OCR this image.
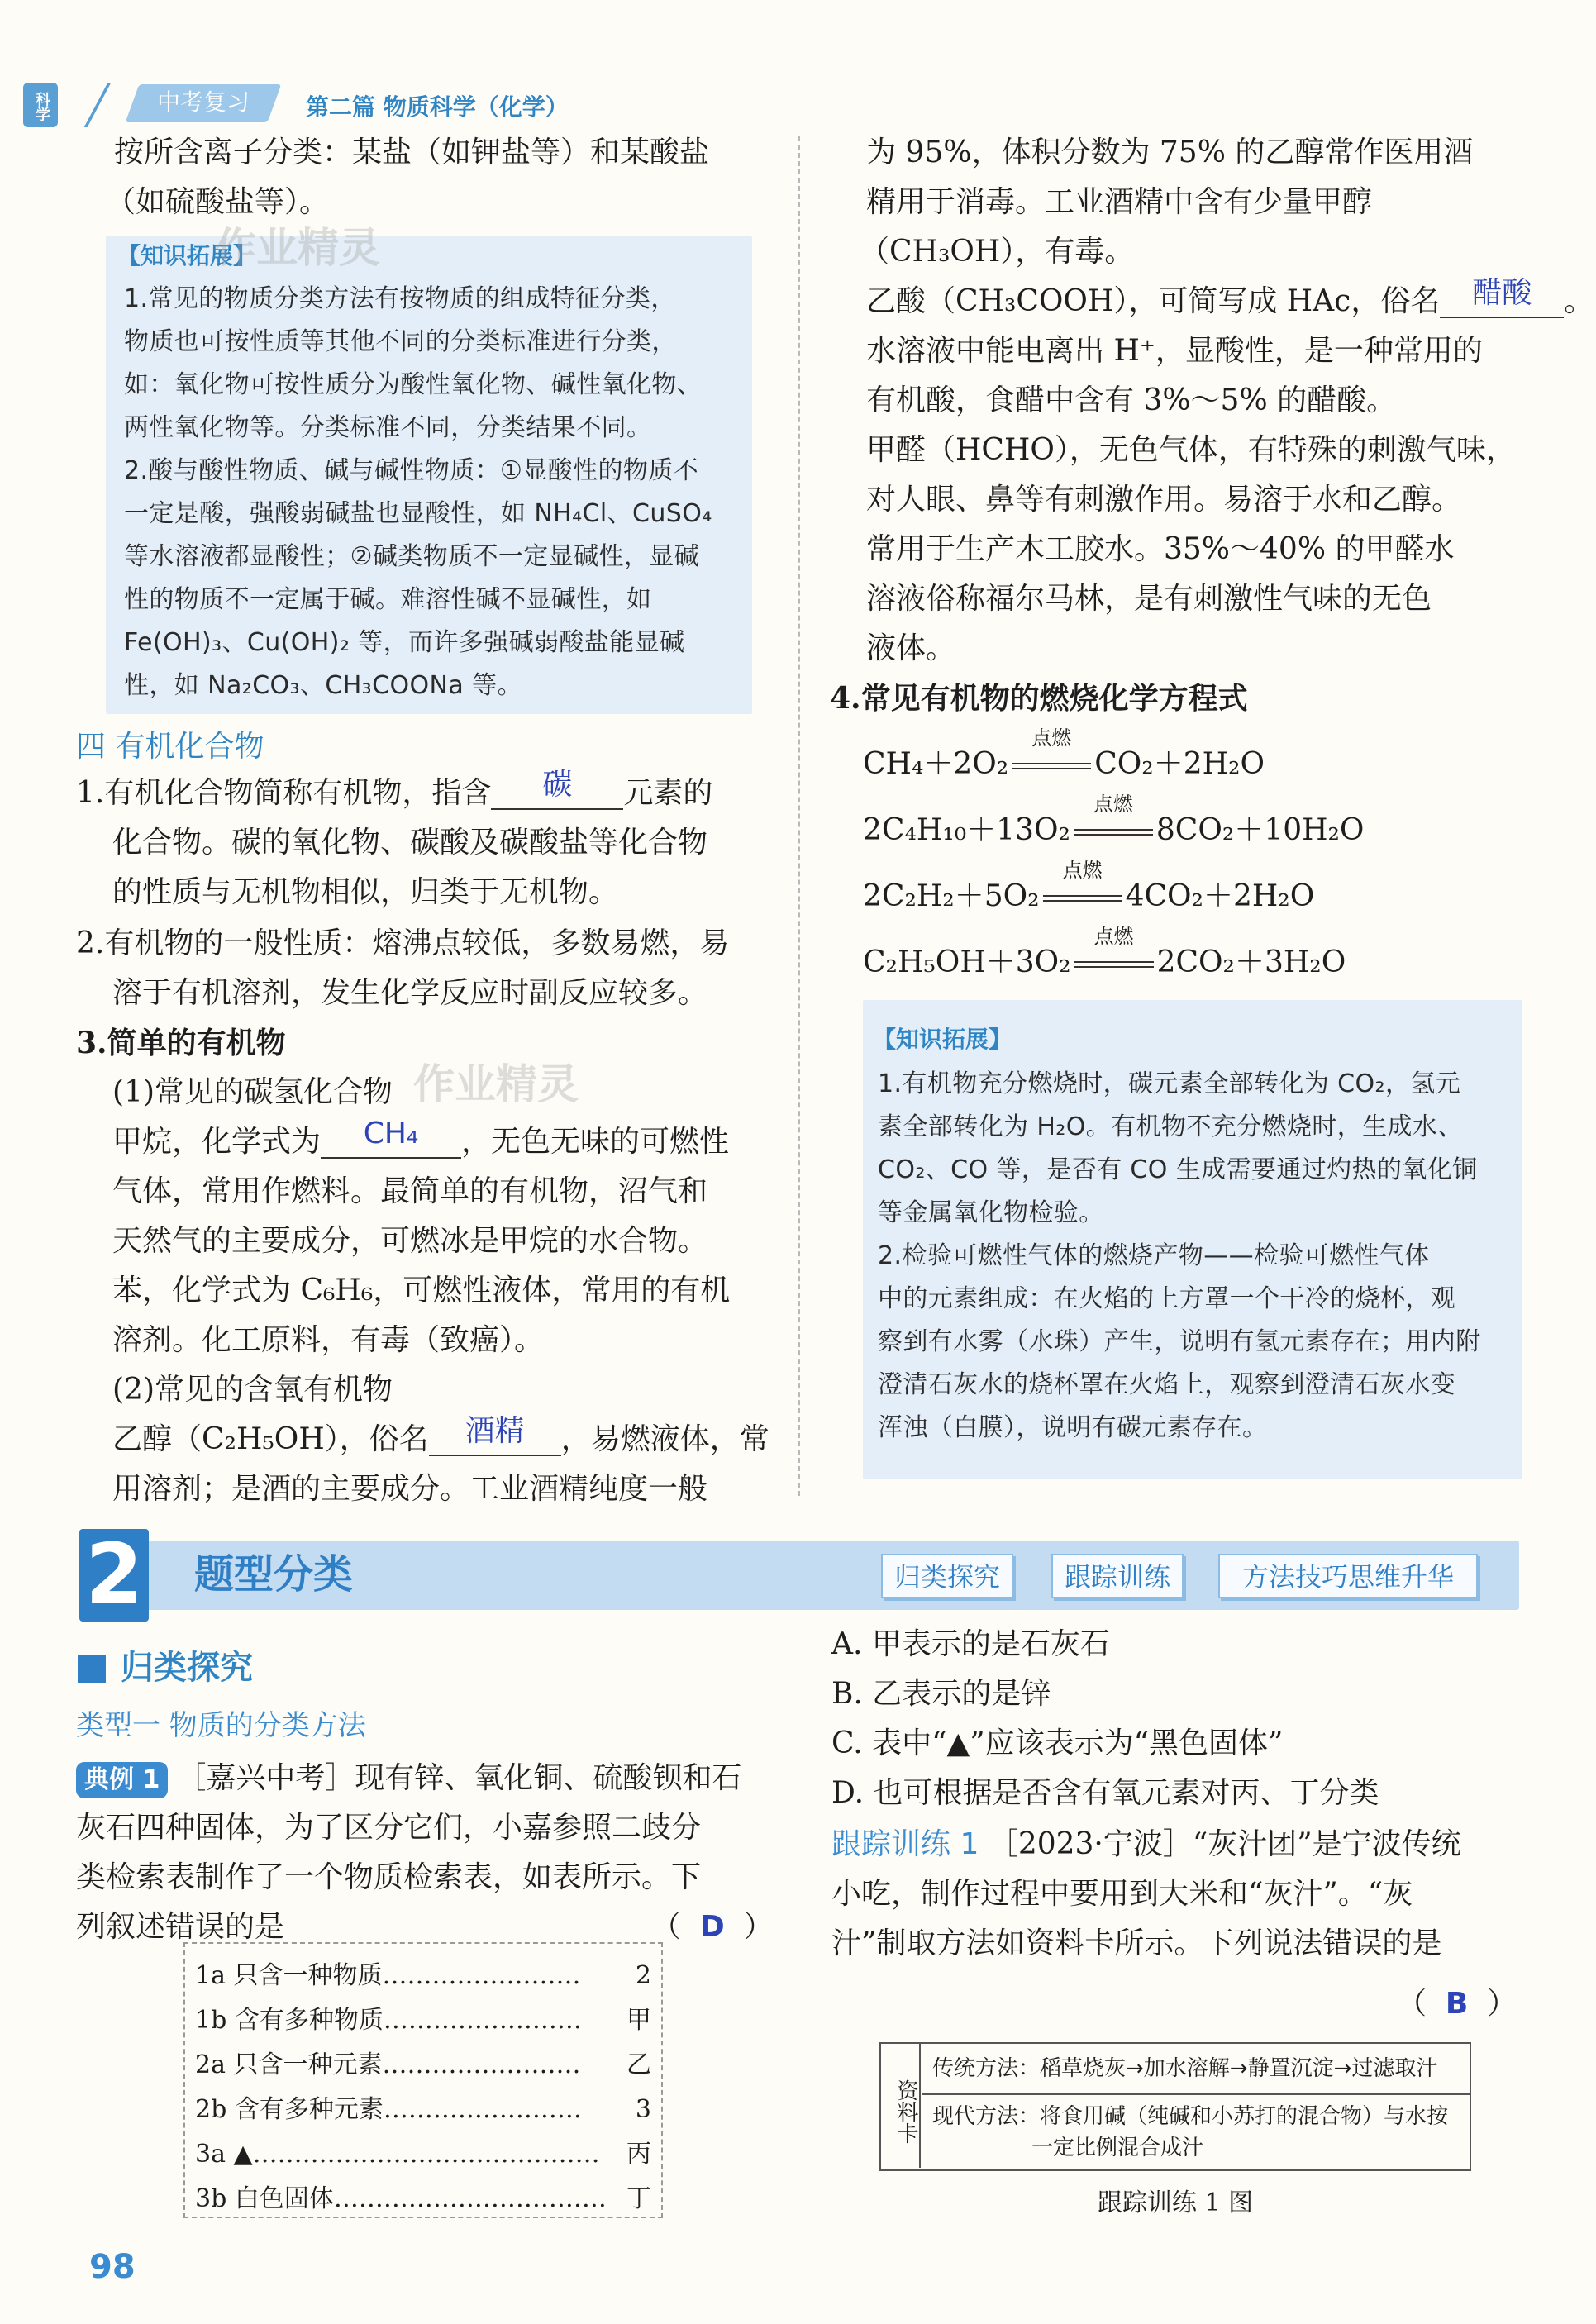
科学	中考复习	第二篇 物质科学（化学）
按所含离子分类：某盐（如钾盐等）和某酸盐
（如硫酸盐等）。
【知识拓展】
1.常见的物质分类方法有按物质的组成特征分类，
物质也可按性质等其他不同的分类标准进行分类，
如：氧化物可按性质分为酸性氧化物、碱性氧化物、
两性氧化物等。分类标准不同，分类结果不同。
2.酸与酸性物质、碱与碱性物质：①显酸性的物质不
一定是酸，强酸弱碱盐也显酸性，如 NH₄Cl、CuSO₄
等水溶液都显酸性；②碱类物质不一定显碱性，显碱
性的物质不一定属于碱。难溶性碱不显碱性，如
Fe(OH)₃、Cu(OH)₂ 等，而许多强碱弱酸盐能显碱
性，如 Na₂CO₃、CH₃COONa 等。
作业精灵
四 有机化合物
1.有机化合物简称有机物，指含 碳 元素的
化合物。碳的氧化物、碳酸及碳酸盐等化合物
的性质与无机物相似，归类于无机物。
2.有机物的一般性质：熔沸点较低，多数易燃，易
溶于有机溶剂，发生化学反应时副反应较多。
3.简单的有机物
(1)常见的碳氢化合物 作业精灵
甲烷，化学式为 CH₄ ，无色无味的可燃性
气体，常用作燃料。最简单的有机物，沼气和
天然气的主要成分，可燃冰是甲烷的水合物。
苯，化学式为 C₆H₆，可燃性液体，常用的有机
溶剂。化工原料，有毒（致癌）。
(2)常见的含氧有机物
乙醇（C₂H₅OH），俗名 酒精 ，易燃液体，常
用溶剂；是酒的主要成分。工业酒精纯度一般
为 95%，体积分数为 75% 的乙醇常作医用酒
精用于消毒。工业酒精中含有少量甲醇
（CH₃OH），有毒。
乙酸（CH₃COOH），可简写成 HAc，俗名 醋酸 。
水溶液中能电离出 H⁺，显酸性，是一种常用的
有机酸，食醋中含有 3%～5% 的醋酸。
甲醛（HCHO），无色气体，有特殊的刺激气味，
对人眼、鼻等有刺激作用。易溶于水和乙醇。
常用于生产木工胶水。35%～40% 的甲醛水
溶液俗称福尔马林，是有刺激性气味的无色
液体。
4.常见有机物的燃烧化学方程式
CH₄＋2O₂
点燃
CO₂＋2H₂O
2C₄H₁₀＋13O₂
点燃
8CO₂＋10H₂O
2C₂H₂＋5O₂
点燃
4CO₂＋2H₂O
C₂H₅OH＋3O₂
点燃
2CO₂＋3H₂O
【知识拓展】
1.有机物充分燃烧时，碳元素全部转化为 CO₂，氢元
素全部转化为 H₂O。有机物不充分燃烧时，生成水、
CO₂、CO 等，是否有 CO 生成需要通过灼热的氧化铜
等金属氧化物检验。
2.检验可燃性气体的燃烧产物——检验可燃性气体
中的元素组成：在火焰的上方罩一个干冷的烧杯，观
察到有水雾（水珠）产生，说明有氢元素存在；用内附
澄清石灰水的烧杯罩在火焰上，观察到澄清石灰水变
浑浊（白膜），说明有碳元素存在。
2 题型分类	归类探究	跟踪训练	方法技巧思维升华
归类探究
类型一 物质的分类方法
典例 1 ［嘉兴中考］现有锌、氧化铜、硫酸钡和石
灰石四种固体，为了区分它们，小嘉参照二歧分
类检索表制作了一个物质检索表，如表所示。下
列叙述错误的是	（  D  ）
1a 只含一种物质……………………	2
1b 含有多种物质……………………	甲
2a 只含一种元素……………………	乙
2b 含有多种元素……………………	3
3a ▲……………………………………	丙
3b 白色固体…………………………… 丁
A. 甲表示的是石灰石
B. 乙表示的是锌
C. 表中“▲”应该表示为“黑色固体”
D. 也可根据是否含有氧元素对丙、丁分类
跟踪训练 1 ［2023·宁波］“灰汁团”是宁波传统
小吃，制作过程中要用到大米和“灰汁”。“灰
汁”制取方法如资料卡所示。下列说法错误的是
（  B  ）
资料卡
传统方法：稻草烧灰→加水溶解→静置沉淀→过滤取汁
现代方法：将食用碱（纯碱和小苏打的混合物）与水按
一定比例混合成汁
跟踪训练 1 图
98
